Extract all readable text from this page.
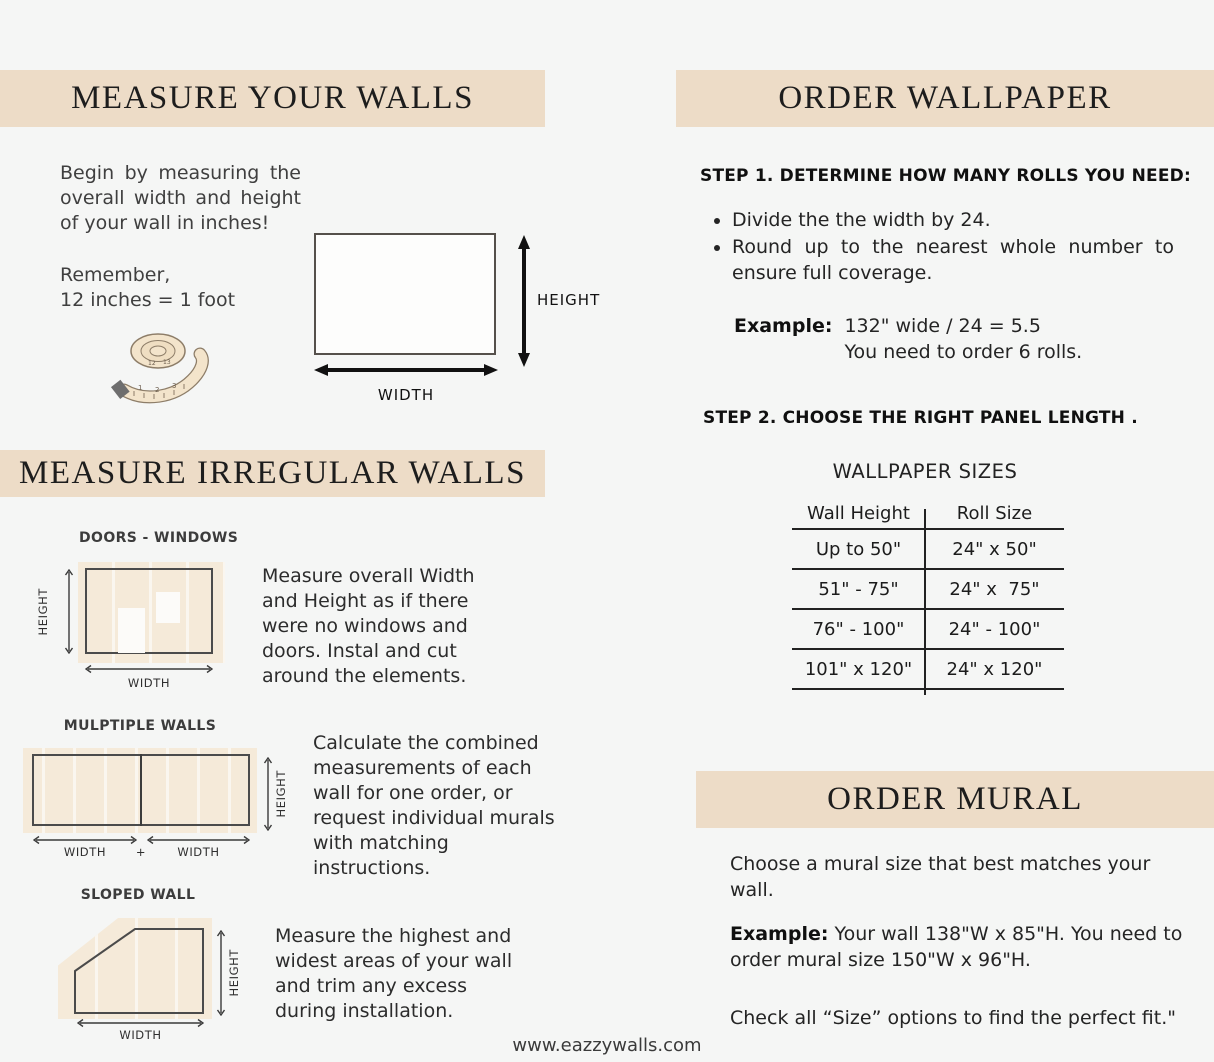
MEASURE YOUR WALLS
Begin by measuring the overall width and height of your wall in inches!
Remember,
12 inches = 1 foot
1 2 3
12 13
HEIGHT
WIDTH
MEASURE IRREGULAR WALLS
DOORS - WINDOWS
HEIGHT
WIDTH
Measure overall Width and Height as if there were no windows and doors. Instal and cut around the elements.
MULPTIPLE WALLS
HEIGHT
WIDTH	+	WIDTH
Calculate the combined measurements of each wall for one order, or request individual murals with matching instructions.
SLOPED WALL
HEIGHT
WIDTH
Measure the highest and widest areas of your wall and trim any excess during installation.
ORDER WALLPAPER
STEP 1. DETERMINE HOW MANY ROLLS YOU NEED:
• Divide the the width by 24.
• Round up to the nearest whole number to ensure full coverage.
Example: 132" wide / 24 = 5.5
You need to order 6 rolls.
STEP 2. CHOOSE THE RIGHT PANEL LENGTH .
WALLPAPER SIZES
Wall Height	Roll Size
Up to 50"	24" x 50"
51" - 75"	24" x  75"
76" - 100"	24" - 100"
101" x 120"	24" x 120"
ORDER MURAL
Choose a mural size that best matches your wall.
Example: Your wall 138"W x 85"H. You need to order mural size 150"W x 96"H.
Check all “Size” options to find the perfect fit."
www.eazzywalls.com
